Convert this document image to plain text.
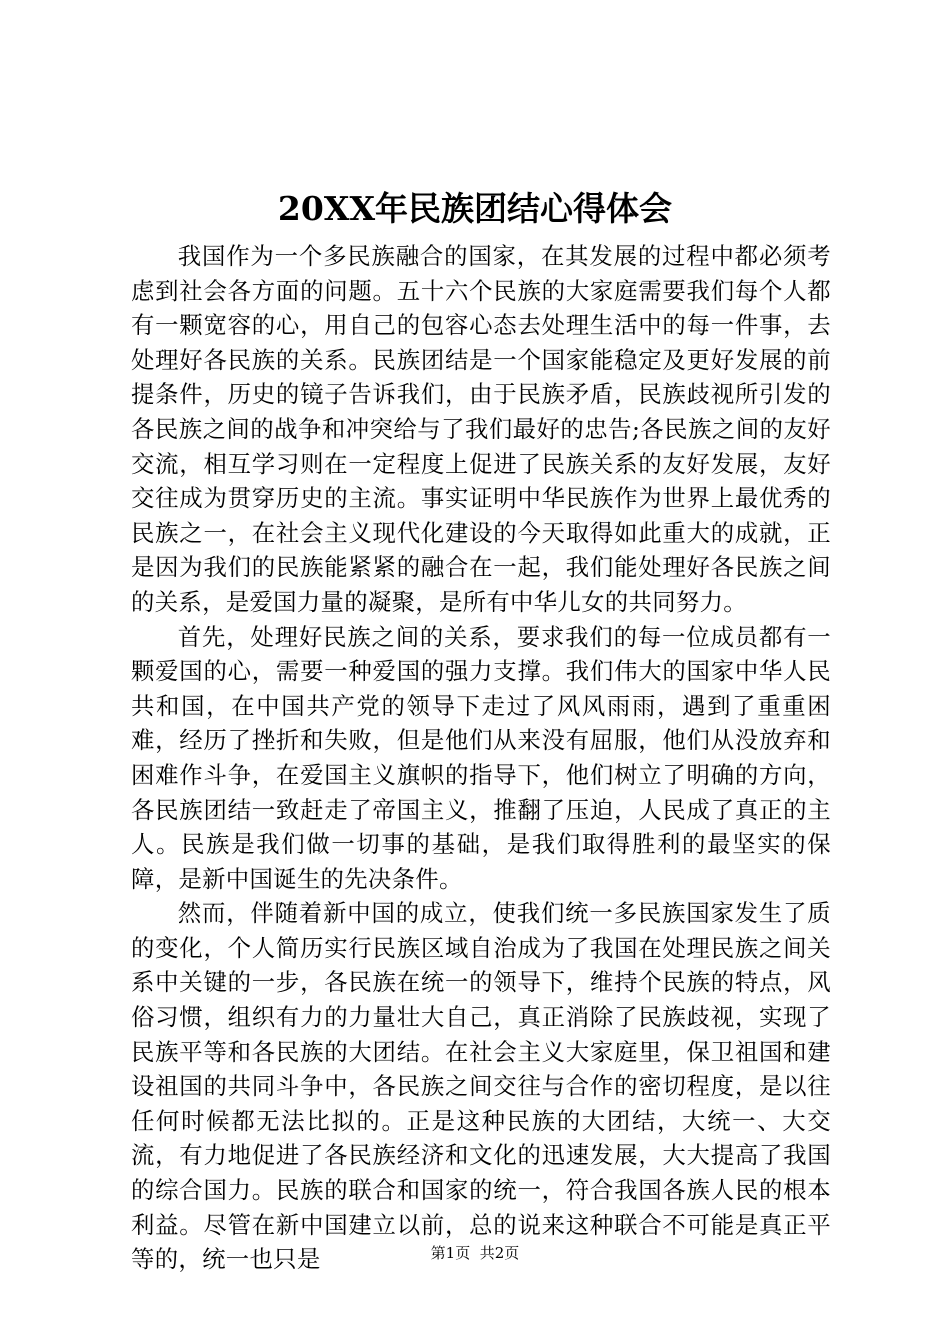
20XX年民族团结心得体会

我国作为一个多民族融合的国家，在其发展的过程中都必须考虑到社会各方面的问题。五十六个民族的大家庭需要我们每个人都有一颗宽容的心，用自己的包容心态去处理生活中的每一件事，去处理好各民族的关系。民族团结是一个国家能稳定及更好发展的前提条件，历史的镜子告诉我们，由于民族矛盾，民族歧视所引发的各民族之间的战争和冲突给与了我们最好的忠告;各民族之间的友好交流，相互学习则在一定程度上促进了民族关系的友好发展，友好交往成为贯穿历史的主流。事实证明中华民族作为世界上最优秀的民族之一，在社会主义现代化建设的今天取得如此重大的成就，正是因为我们的民族能紧紧的融合在一起，我们能处理好各民族之间的关系，是爱国力量的凝聚，是所有中华儿女的共同努力。

首先，处理好民族之间的关系，要求我们的每一位成员都有一颗爱国的心，需要一种爱国的强力支撑。我们伟大的国家中华人民共和国，在中国共产党的领导下走过了风风雨雨，遇到了重重困难，经历了挫折和失败，但是他们从来没有屈服，他们从没放弃和困难作斗争，在爱国主义旗帜的指导下，他们树立了明确的方向，各民族团结一致赶走了帝国主义，推翻了压迫，人民成了真正的主人。民族是我们做一切事的基础，是我们取得胜利的最坚实的保障，是新中国诞生的先决条件。

然而，伴随着新中国的成立，使我们统一多民族国家发生了质的变化，个人简历实行民族区域自治成为了我国在处理民族之间关系中关键的一步，各民族在统一的领导下，维持个民族的特点，风俗习惯，组织有力的力量壮大自己，真正消除了民族歧视，实现了民族平等和各民族的大团结。在社会主义大家庭里，保卫祖国和建设祖国的共同斗争中，各民族之间交往与合作的密切程度，是以往任何时候都无法比拟的。正是这种民族的大团结，大统一、大交流，有力地促进了各民族经济和文化的迅速发展，大大提高了我国的综合国力。民族的联合和国家的统一，符合我国各族人民的根本利益。尽管在新中国建立以前，总的说来这种联合不可能是真正平等的，统一也只是	第1页 共2页
